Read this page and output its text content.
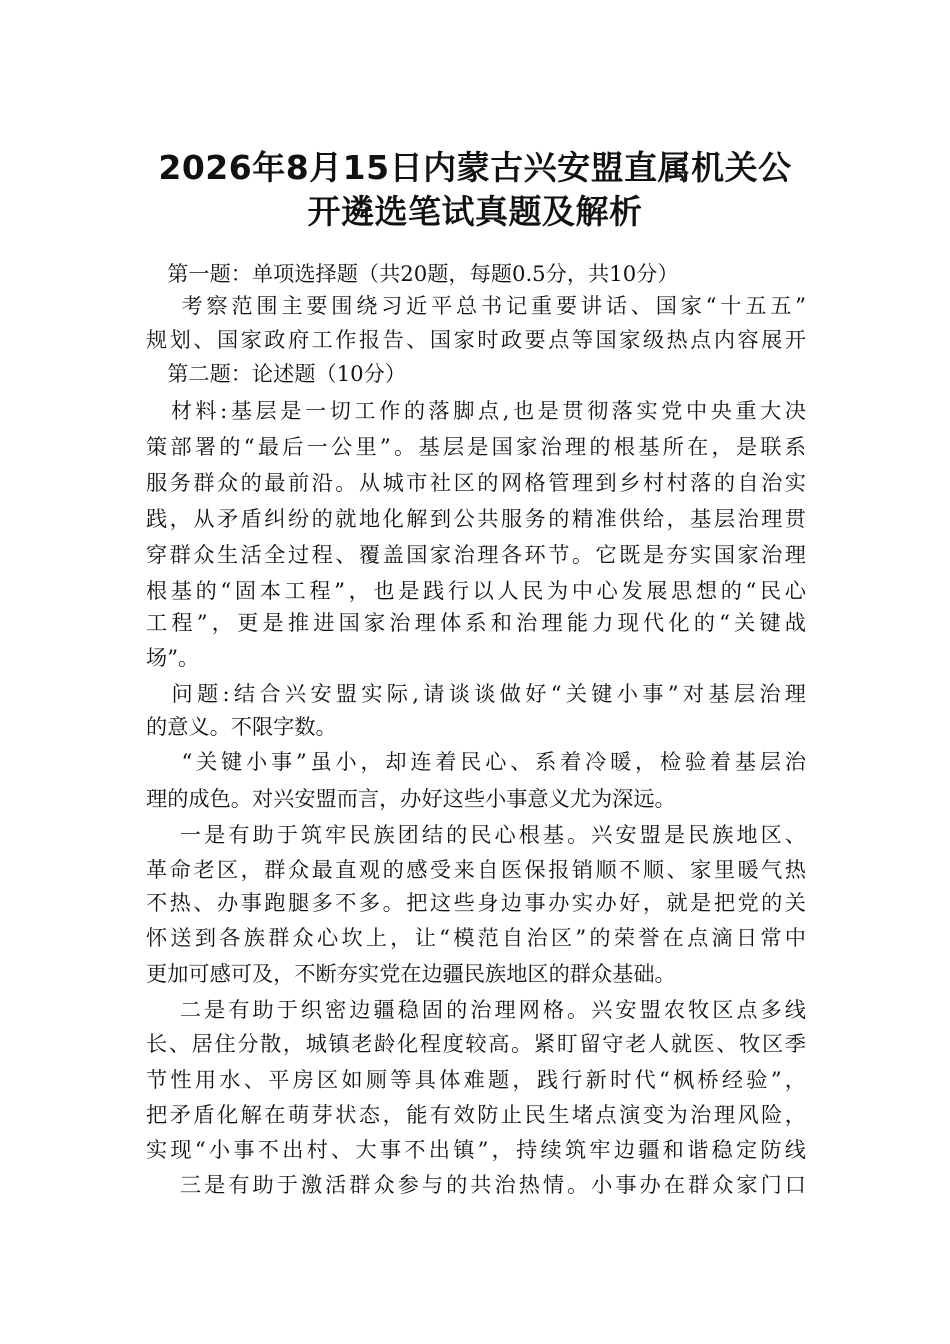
2026年8月15日内蒙古兴安盟直属机关公
开遴选笔试真题及解析
　第一题：单项选择题（共20题，每题0.5分，共10分）
　 考察范围主要围绕习近平总书记重要讲话、国家“十五五”
规划、国家政府工作报告、国家时政要点等国家级热点内容展开
　第二题：论述题（10分）
　材料:基层是一切工作的落脚点,也是贯彻落实党中央重大决
策部署的“最后一公里”。基层是国家治理的根基所在，是联系
服务群众的最前沿。从城市社区的网格管理到乡村村落的自治实
践，从矛盾纠纷的就地化解到公共服务的精准供给，基层治理贯
穿群众生活全过程、覆盖国家治理各环节。它既是夯实国家治理
根基的“固本工程”，也是践行以人民为中心发展思想的“民心
工程”，更是推进国家治理体系和治理能力现代化的“关键战
场”。
　问题:结合兴安盟实际,请谈谈做好“关键小事”对基层治理
的意义。不限字数。
　 “关键小事”虽小，却连着民心、系着冷暖，检验着基层治
理的成色。对兴安盟而言，办好这些小事意义尤为深远。
　 一是有助于筑牢民族团结的民心根基。兴安盟是民族地区、
革命老区，群众最直观的感受来自医保报销顺不顺、家里暖气热
不热、办事跑腿多不多。把这些身边事办实办好，就是把党的关
怀送到各族群众心坎上，让“模范自治区”的荣誉在点滴日常中
更加可感可及，不断夯实党在边疆民族地区的群众基础。
　 二是有助于织密边疆稳固的治理网格。兴安盟农牧区点多线
长、居住分散，城镇老龄化程度较高。紧盯留守老人就医、牧区季
节性用水、平房区如厕等具体难题，践行新时代“枫桥经验”，
把矛盾化解在萌芽状态，能有效防止民生堵点演变为治理风险，
实现“小事不出村、大事不出镇”，持续筑牢边疆和谐稳定防线
　 三是有助于激活群众参与的共治热情。小事办在群众家门口
